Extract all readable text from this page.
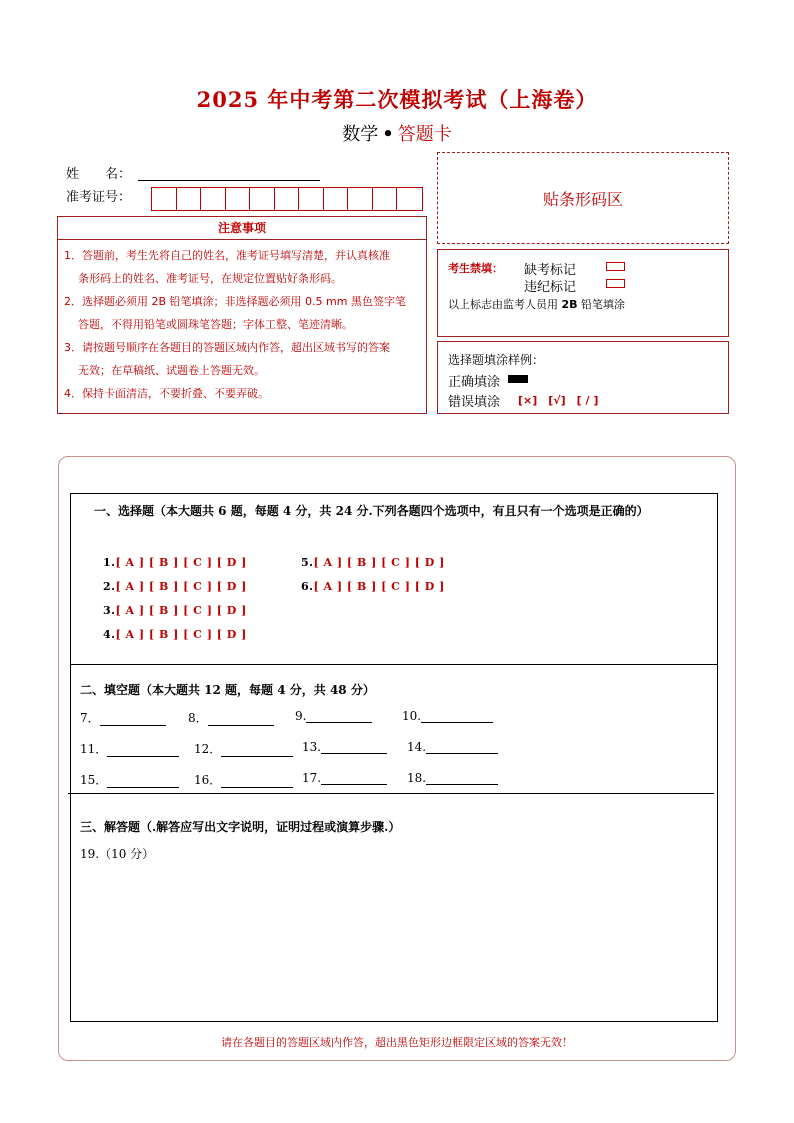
2025 年中考第二次模拟考试（上海卷）
数学 • 答题卡
姓　　名：
准考证号：	贴条形码区
注意事项
1．答题前，考生先将自己的姓名，准考证号填写清楚，并认真核准
条形码上的姓名、准考证号，在规定位置贴好条形码。
2．选择题必须用 2B 铅笔填涂；非选择题必须用 0.5 mm 黑色签字笔
答题，不得用铅笔或圆珠笔答题；字体工整、笔迹清晰。
3．请按题号顺序在各题目的答题区域内作答，超出区域书写的答案
无效；在草稿纸、试题卷上答题无效。
4．保持卡面清洁，不要折叠、不要弄破。
考生禁填： 缺考标记
违纪标记
以上标志由监考人员用 2B 铅笔填涂
选择题填涂样例：
正确填涂
错误填涂 [×]　[√]　[ / ]
一、选择题（本大题共 6 题，每题 4 分，共 24 分.下列各题四个选项中，有且只有一个选项是正确的）
1.[ A ] [ B ] [ C ] [ D ]
2.[ A ] [ B ] [ C ] [ D ]
3.[ A ] [ B ] [ C ] [ D ]
4.[ A ] [ B ] [ C ] [ D ]
5.[ A ] [ B ] [ C ] [ D ]
6.[ A ] [ B ] [ C ] [ D ]
二、填空题（本大题共 12 题，每题 4 分，共 48 分）
7．	8．	9.	10.
11．	12．	13.	14.
15．	16．	17.	18.
三、解答题（.解答应写出文字说明，证明过程或演算步骤.）
19.（10 分）
请在各题目的答题区域内作答，超出黑色矩形边框限定区域的答案无效！
